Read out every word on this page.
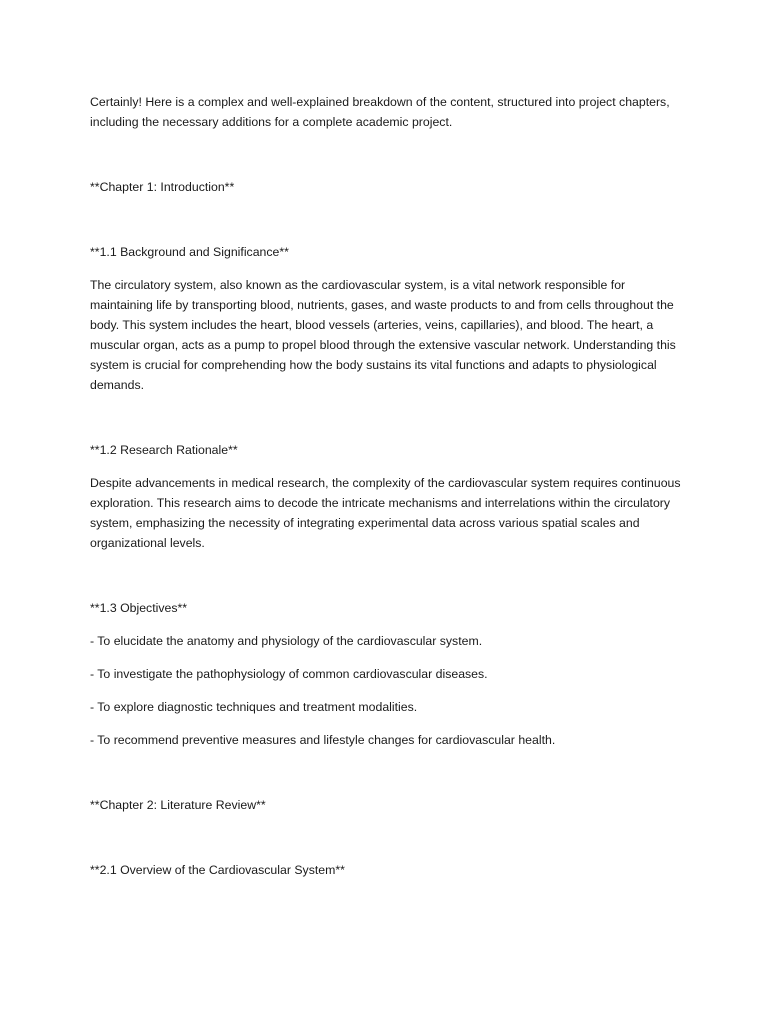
Certainly! Here is a complex and well-explained breakdown of the content, structured into project chapters, including the necessary additions for a complete academic project.

**Chapter 1: Introduction**

**1.1 Background and Significance**

The circulatory system, also known as the cardiovascular system, is a vital network responsible for maintaining life by transporting blood, nutrients, gases, and waste products to and from cells throughout the body. This system includes the heart, blood vessels (arteries, veins, capillaries), and blood. The heart, a muscular organ, acts as a pump to propel blood through the extensive vascular network. Understanding this system is crucial for comprehending how the body sustains its vital functions and adapts to physiological demands.

**1.2 Research Rationale**

Despite advancements in medical research, the complexity of the cardiovascular system requires continuous exploration. This research aims to decode the intricate mechanisms and interrelations within the circulatory system, emphasizing the necessity of integrating experimental data across various spatial scales and organizational levels.

**1.3 Objectives**

- To elucidate the anatomy and physiology of the cardiovascular system.

- To investigate the pathophysiology of common cardiovascular diseases.

- To explore diagnostic techniques and treatment modalities.

- To recommend preventive measures and lifestyle changes for cardiovascular health.

**Chapter 2: Literature Review**

**2.1 Overview of the Cardiovascular System**
